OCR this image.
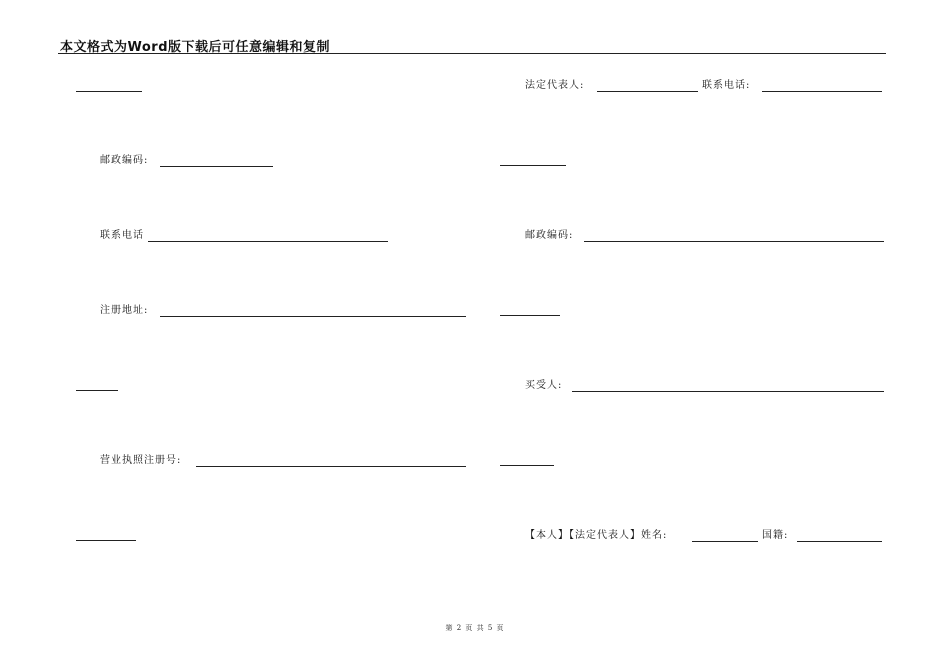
本文格式为Word版下载后可任意编辑和复制
邮政编码:
联系电话
注册地址:
营业执照注册号:
法定代表人:	联系电话:
邮政编码:
买受人:
【本人】【法定代表人】姓名:	国籍:
第 2 页 共 5 页
